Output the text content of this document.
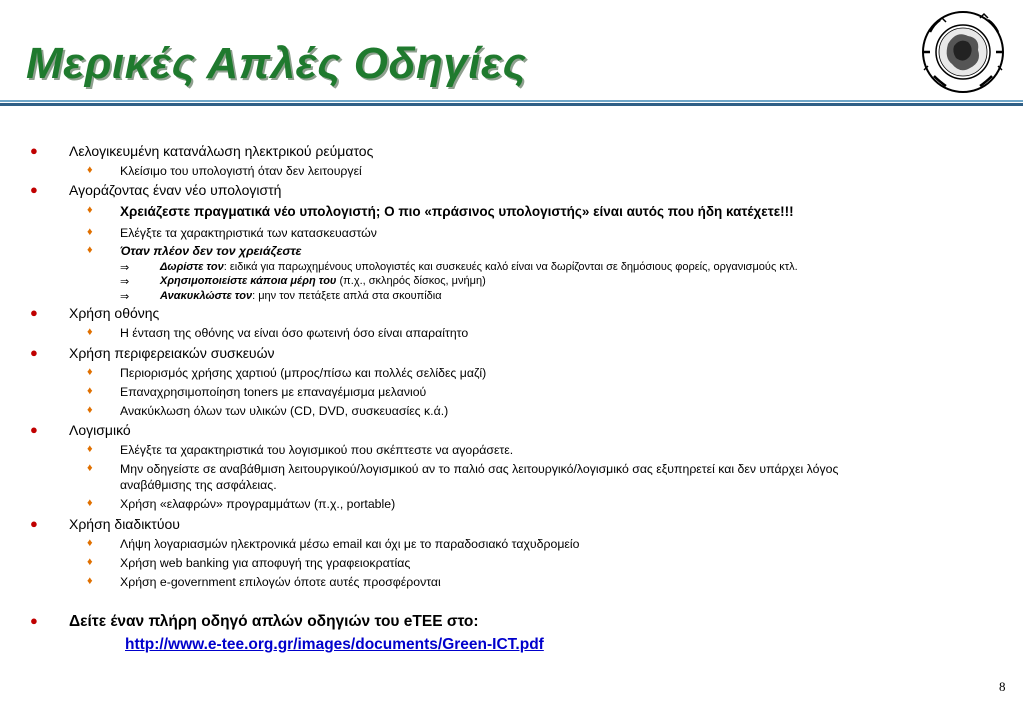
Μερικές Απλές Οδηγίες
● Λελογικευμένη κατανάλωση ηλεκτρικού ρεύματος
♦ Κλείσιμο του υπολογιστή όταν δεν λειτουργεί
● Αγοράζοντας έναν νέο υπολογιστή
♦ Χρειάζεστε πραγματικά νέο υπολογιστή; Ο πιο «πράσινος υπολογιστής» είναι αυτός που ήδη κατέχετε!!!
♦ Ελέγξτε τα χαρακτηριστικά των κατασκευαστών
♦ Όταν πλέον δεν τον χρειάζεστε
⇒	Δωρίστε τον: ειδικά για παρωχημένους υπολογιστές και συσκευές καλό είναι να δωρίζονται σε δημόσιους φορείς, οργανισμούς κτλ.
⇒	Χρησιμοποιείστε κάποια μέρη του (π.χ., σκληρός δίσκος, μνήμη)
⇒	Ανακυκλώστε τον: μην τον πετάξετε απλά στα σκουπίδια
● Χρήση οθόνης
♦ Η ένταση της οθόνης να είναι όσο φωτεινή όσο είναι απαραίτητο
● Χρήση περιφερειακών συσκευών
♦ Περιορισμός χρήσης χαρτιού (μπρος/πίσω και πολλές σελίδες μαζί)
♦ Επαναχρησιμοποίηση toners με επαναγέμισμα μελανιού
♦ Ανακύκλωση όλων των υλικών (CD, DVD, συσκευασίες κ.ά.)
● Λογισμικό
♦ Ελέγξτε τα χαρακτηριστικά του λογισμικού που σκέπτεστε να αγοράσετε.
♦ Μην οδηγείστε σε αναβάθμιση λειτουργικού/λογισμικού αν το παλιό σας λειτουργικό/λογισμικό σας εξυπηρετεί και δεν υπάρχει λόγος
αναβάθμισης της ασφάλειας.
♦ Χρήση «ελαφρών» προγραμμάτων (π.χ., portable)
● Χρήση διαδικτύου
♦ Λήψη λογαριασμών ηλεκτρονικά μέσω email και όχι με το παραδοσιακό ταχυδρομείο
♦ Χρήση web banking για αποφυγή της γραφειοκρατίας
♦ Χρήση e-government επιλογών όποτε αυτές προσφέρονται
● Δείτε έναν πλήρη οδηγό απλών οδηγιών του eTEE στο:
http://www.e-tee.org.gr/images/documents/Green-ICT.pdf
8
